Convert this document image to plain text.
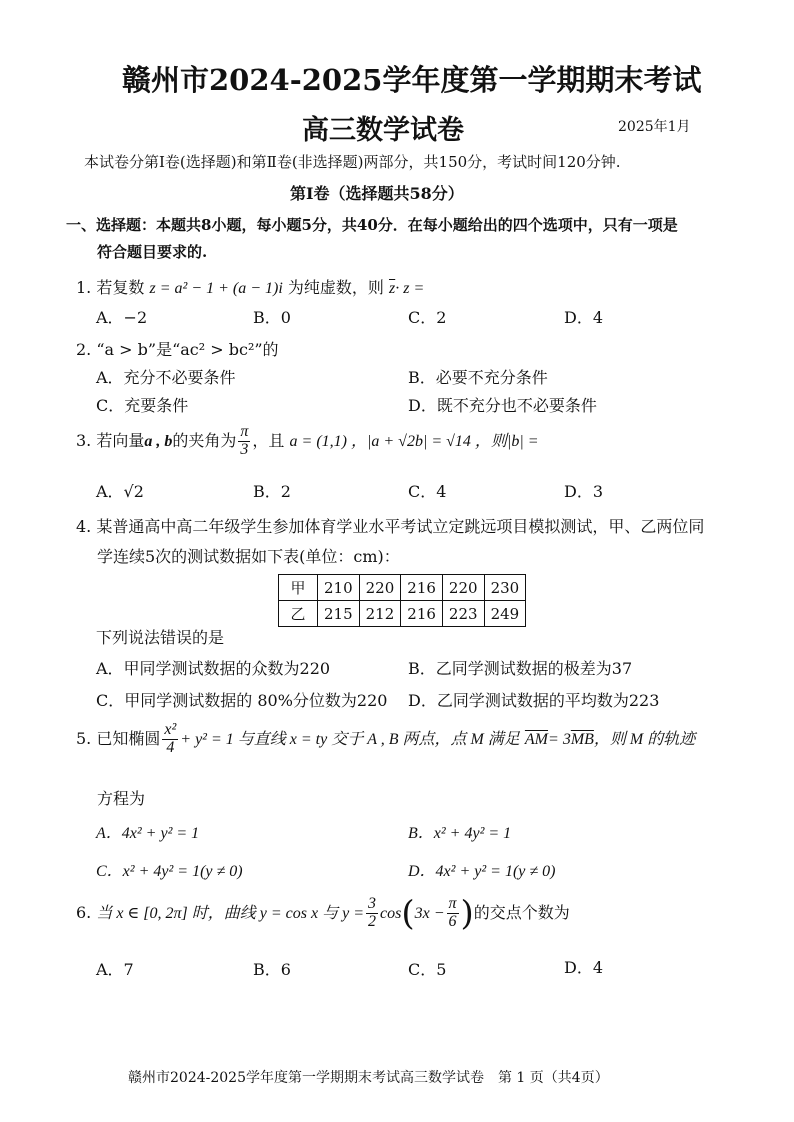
赣州市2024-2025学年度第一学期期末考试
高三数学试卷	2025年1月
本试卷分第Ⅰ卷(选择题)和第Ⅱ卷(非选择题)两部分，共150分，考试时间120分钟.
第Ⅰ卷（选择题共58分）
一、选择题：本题共8小题，每小题5分，共40分．在每小题给出的四个选项中，只有一项是
符合题目要求的.
1. 若复数 z = a² − 1 + (a − 1)i 为纯虚数，则 $\overline{z}\cdot z$ =
A．−2	B．0	C．2	D．4
2. “a > b”是“ac² > bc²”的
A．充分不必要条件	B．必要不充分条件
C．充要条件	D．既不充分也不必要条件
3. 若向量a , b的夹角为 $\frac{\pi}{3}$ ，且 a = (1,1) ，|a + √2b| = √14 ，则|b| =
A．√2	B．2	C．4	D．3
4. 某普通高中高二年级学生参加体育学业水平考试立定跳远项目模拟测试，甲、乙两位同
学连续5次的测试数据如下表(单位：cm)：
甲	210	220	216	220	230
乙	215	212	216	223	249
下列说法错误的是
A．甲同学测试数据的众数为220	B．乙同学测试数据的极差为37
C．甲同学测试数据的 80%分位数为220 D．乙同学测试数据的平均数为223
5. 已知椭圆 $\frac{\text{x²}}{4} + y^2 = 1$ 与直线 x = ty 交于 A , B 两点，点 M 满足 $\overline{AM}= 3\overline{MB}$，则 M 的轨迹
方程为
A．4x² + y² = 1	B．x² + 4y² = 1
C．x² + 4y² = 1(y ≠ 0)	D．4x² + y² = 1(y ≠ 0)
6. 当 x ∈ [0, 2π] 时，曲线 y = cos x 与 $y = \frac{3}{2} \cos(3x - \frac{\pi}{6}$ )的交点个数为
A．7	B．6	C．5	D．4
赣州市2024-2025学年度第一学期期末考试高三数学试卷　第 1 页（共4页）
